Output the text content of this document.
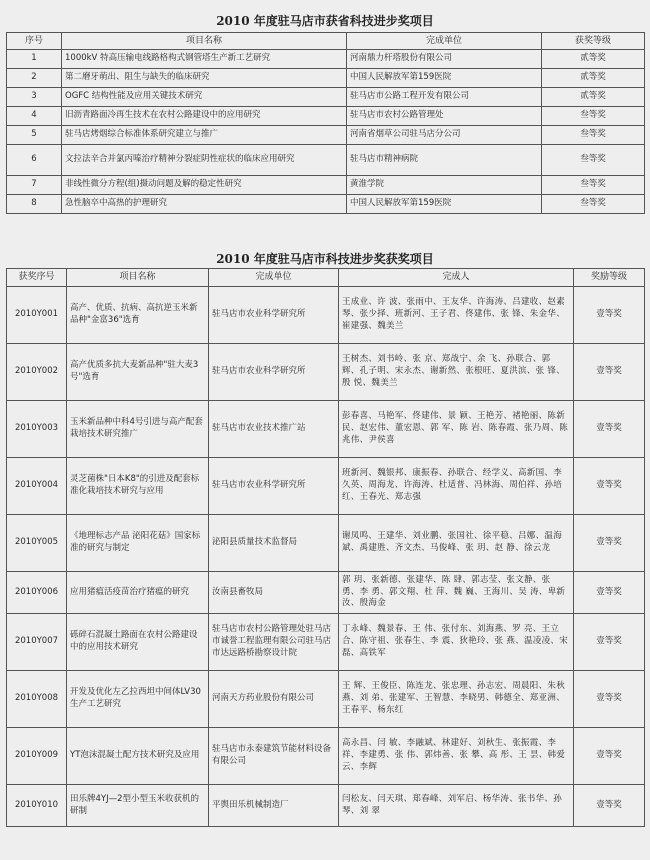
2010 年度驻马店市获省科技进步奖项目
序号	项目名称	完成单位	获奖等级
1	1000kV 特高压输电线路格构式钢管塔生产新工艺研究	河南鼎力杆塔股份有限公司	贰等奖
2	第二磨牙萌出、阻生与缺失的临床研究	中国人民解放军第159医院	贰等奖
3	OGFC 结构性能及应用关键技术研究	驻马店市公路工程开发有限公司	贰等奖
4	旧沥青路面冷再生技术在农村公路建设中的应用研究	驻马店市农村公路管理处	叁等奖
5	驻马店烤烟综合标准体系研究建立与推广	河南省烟草公司驻马店分公司	叁等奖
6	文拉法辛合并氯丙嗪治疗精神分裂症阴性症状的临床应用研究	驻马店市精神病院	叁等奖
7	非线性微分方程(组)摄动问题及解的稳定性研究	黄淮学院	叁等奖
8	急性脑卒中高热的护理研究	中国人民解放军第159医院	叁等奖
2010 年度驻马店市科技进步奖获奖项目
获奖序号	项目名称	完成单位	完成人	奖励等级
2010Y001	高产、优质、抗病、高抗逆玉米新品种"金富36"选育	驻马店市农业科学研究所	王成业、许 波、张雨中、王友华、许海涛、吕建收、赵素琴、张少择、班新河、王子君、佟建伟、张 锋、朱金华、崔建强、魏美兰	壹等奖
2010Y002	高产优质多抗大麦新品种"驻大麦3号"选育	驻马店市农业科学研究所	王树杰、刘书岭、张 京、郑战宁、余 飞、孙联合、郭 辉、孔子明、宋永杰、谢新然、张根旺、夏洪滨、张 锋、殷 悦、魏美兰	壹等奖
2010Y003	玉米新品种中科4号引进与高产配套栽培技术研究推广	驻马店市农业技术推广站	彭春喜、马艳军、佟建伟、景 颖、王艳芳、褚艳丽、陈新民、赵宏伟、董宏恩、郭 军、陈 岩、陈春霞、张乃周、陈兆伟、尹侯喜	壹等奖
2010Y004	灵芝菌株"日本K8"的引进及配套标准化栽培技术研究与应用	驻马店市农业科学研究所	班新河、魏银邦、康振春、孙联合、经学义、高新国、李久英、周海龙、许海涛、杜适普、冯林海、周伯祥、孙培红、王春光、郑志强	壹等奖
2010Y005	《地理标志产品 泌阳花菇》国家标准的研究与制定	泌阳县质量技术监督局	谢凤鸣、王建华、刘业鹏、张国社、徐平稳、吕娜、温海斌、禹建胜、齐文杰、马俊峰、张 玥、赵 静、徐云龙	壹等奖
2010Y006	应用猪瘟活疫苗治疗猪瘟的研究	汝南县畜牧局	郭 玥、张新德、张建华、陈 肆、郭志莹、张文静、张 勇、李 勇、郭文翔、杜 萍、魏 巍、王海川、吴 涛、卑新汝、殷海金	壹等奖
2010Y007	砾碎石混凝土路面在农村公路建设中的应用技术研究	驻马店市农村公路管理处驻马店市诚誉工程监理有限公司驻马店市达远路桥勘察设计院	丁永峰、魏景春、王 伟、张付东、刘海燕、罗 亮、王立合、陈守祖、张春生、李 震、狄艳玲、张 燕、温凌凌、宋 磊、高铁军	壹等奖
2010Y008	开发及优化左乙拉西坦中间体LV30生产工艺研究	河南天方药业股份有限公司	王 辉、王俊臣、陈连龙、张忠理、孙志宏、周晨阳、朱秋燕、刘 弟、张建军、王智慧、李晓男、韩德全、郑亚洲、王春平、杨东红	壹等奖
2010Y009	YT泡沫混凝土配方技术研究及应用	驻马店市永泰建筑节能材料设备有限公司	高永昌、闫 敏、李融斌、林建好、刘秋生、张振霞、李 祥、李建勇、张 伟、郭炜善、张 攀、高 彤、王 昙、韩爱云、李辉	壹等奖
2010Y010	田乐牌4YJ—2型小型玉米收获机的研制	平舆田乐机械制造厂	闫松友、闫天琪、郑春峰、刘军启、杨华涛、张书华、孙 琴、刘 翠	壹等奖
